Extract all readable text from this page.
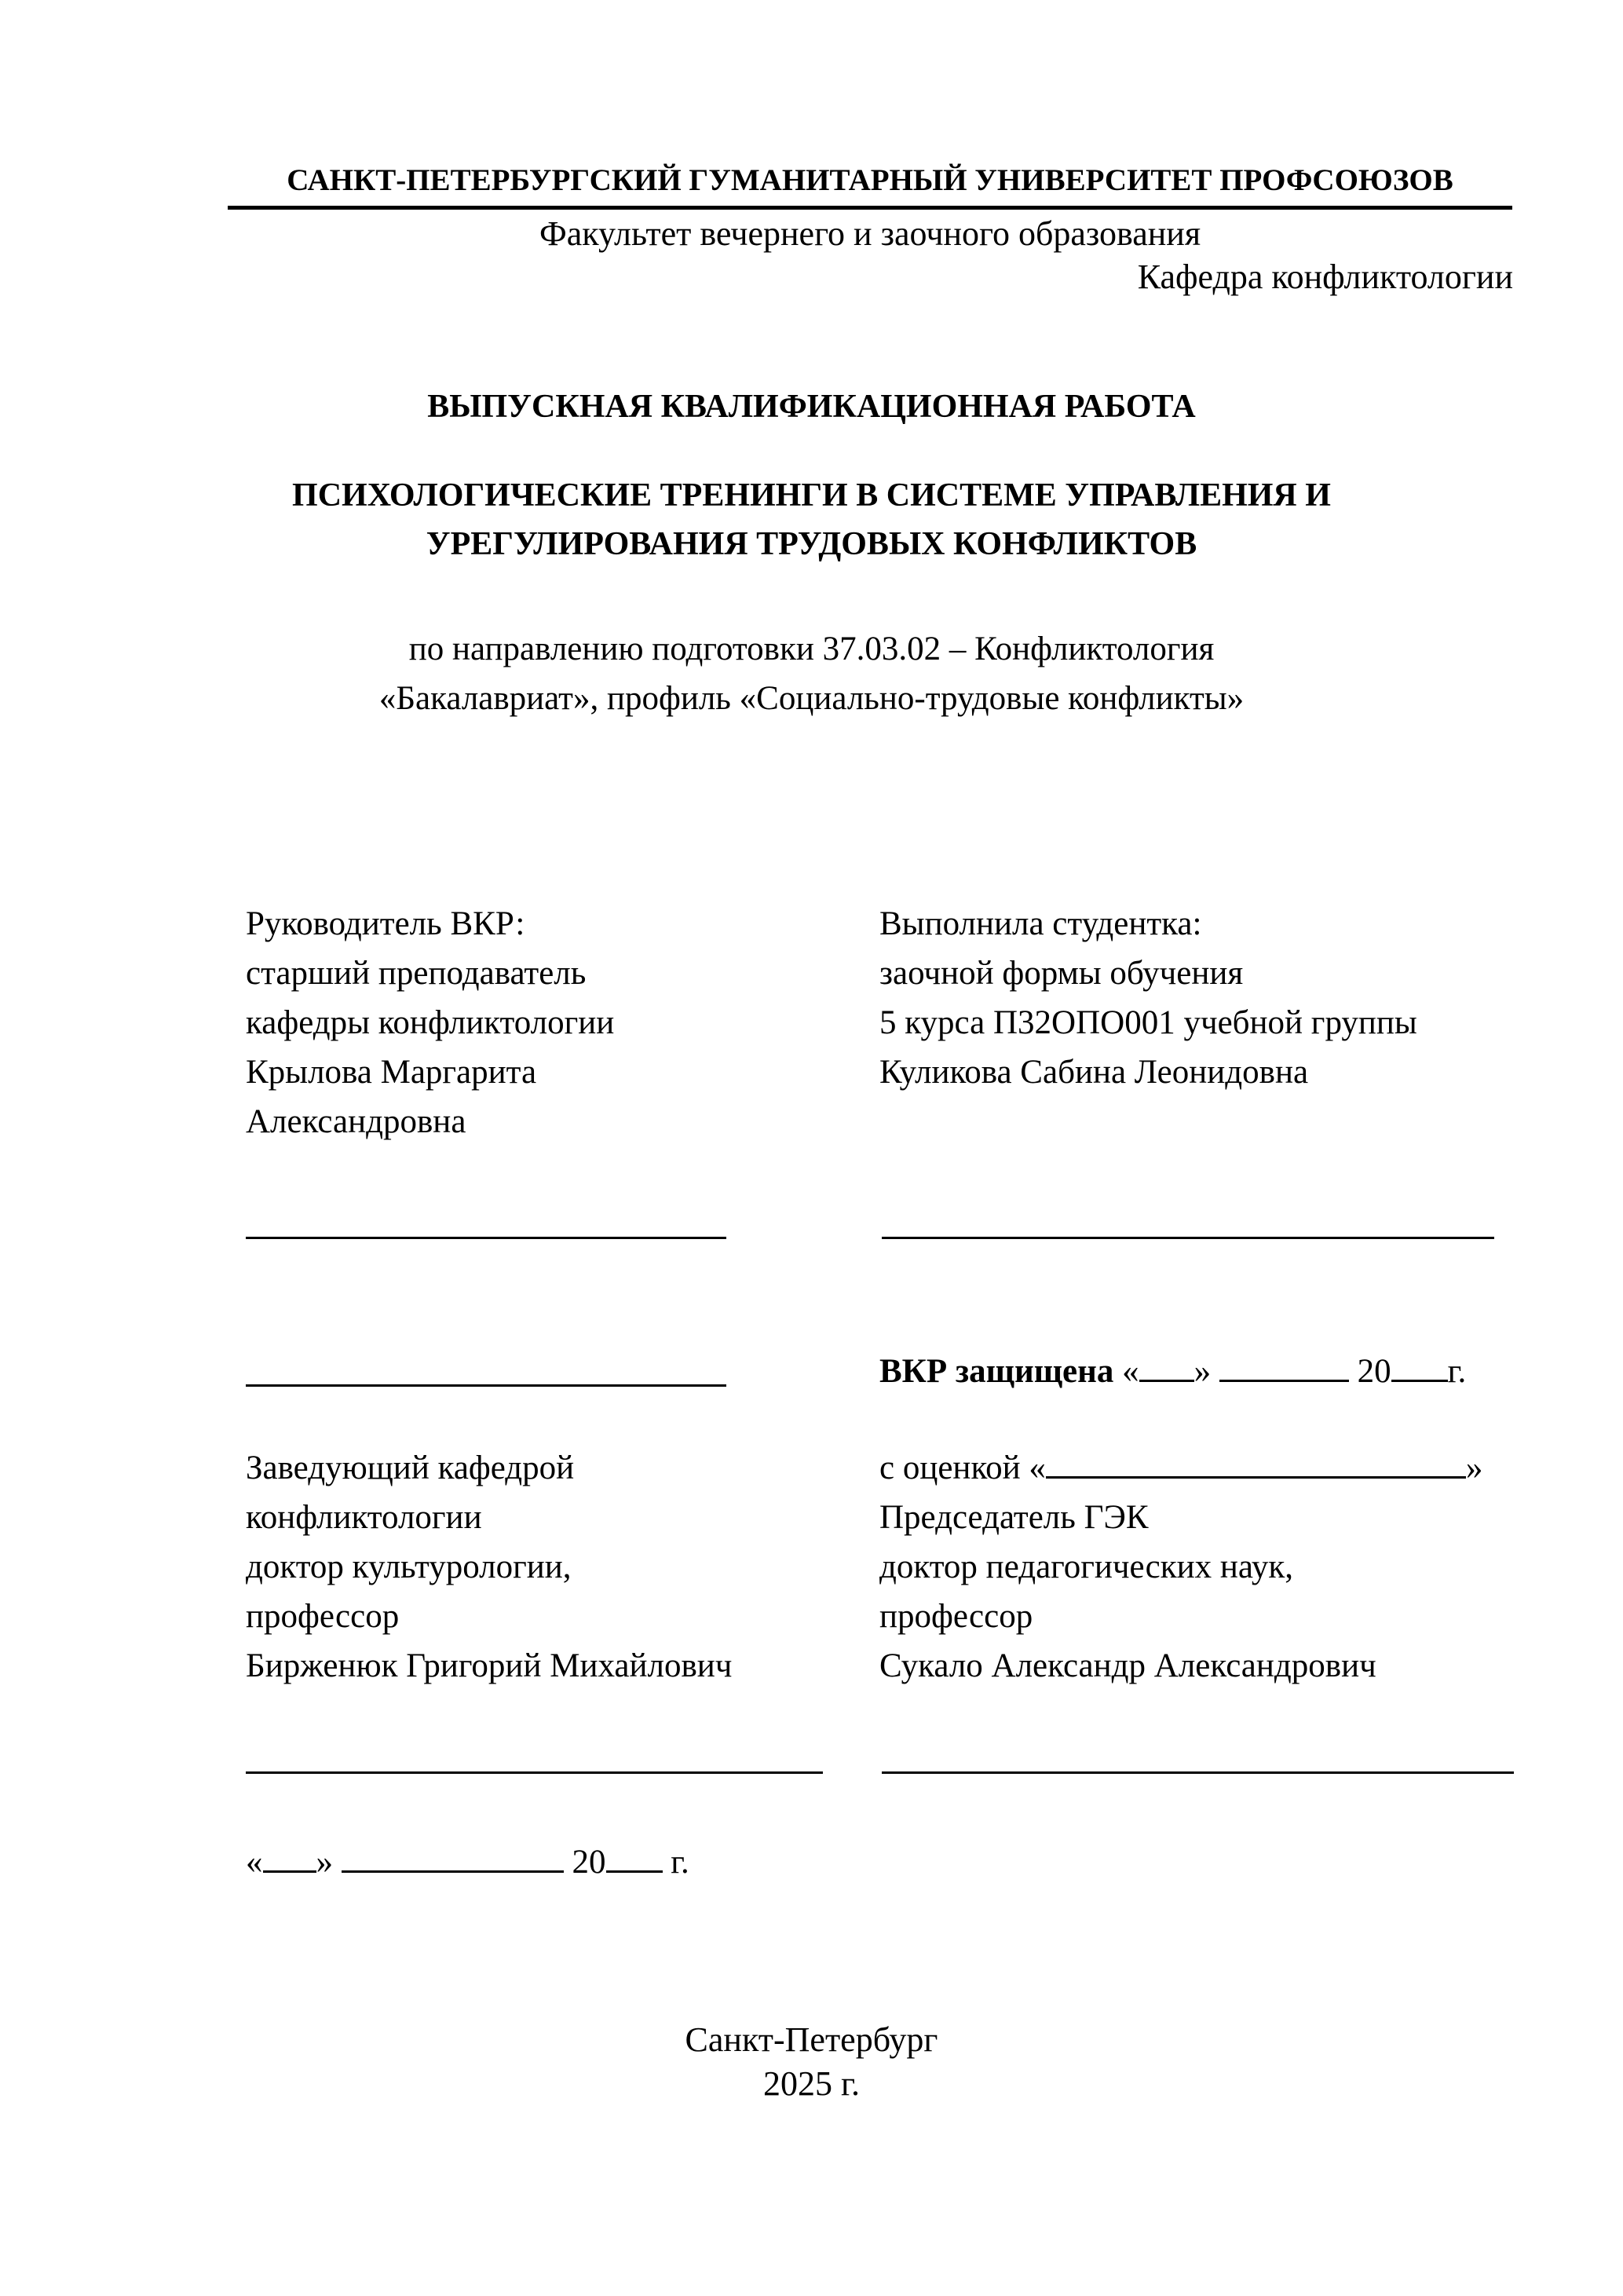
САНКТ-ПЕТЕРБУРГСКИЙ ГУМАНИТАРНЫЙ УНИВЕРСИТЕТ ПРОФСОЮЗОВ
Факультет вечернего и заочного образования
Кафедра конфликтологии
ВЫПУСКНАЯ КВАЛИФИКАЦИОННАЯ РАБОТА
ПСИХОЛОГИЧЕСКИЕ ТРЕНИНГИ В СИСТЕМЕ УПРАВЛЕНИЯ И
УРЕГУЛИРОВАНИЯ ТРУДОВЫХ КОНФЛИКТОВ
по направлению подготовки 37.03.02 – Конфликтология
«Бакалавриат», профиль «Социально-трудовые конфликты»
Руководитель ВКР:
старший преподаватель
кафедры конфликтологии
Крылова Маргарита
Александровна
Выполнила студентка:
заочной формы обучения
5 курса П32ОПО001 учебной группы
Куликова Сабина Леонидовна
ВКР защищена « »	20 г.
Заведующий кафедрой
конфликтологии
доктор культурологии,
профессор
Бирженюк Григорий Михайлович
с оценкой «	»
Председатель ГЭК
доктор педагогических наук,
профессор
Сукало Александр Александрович
« »	20 г.
Санкт-Петербург
2025 г.
